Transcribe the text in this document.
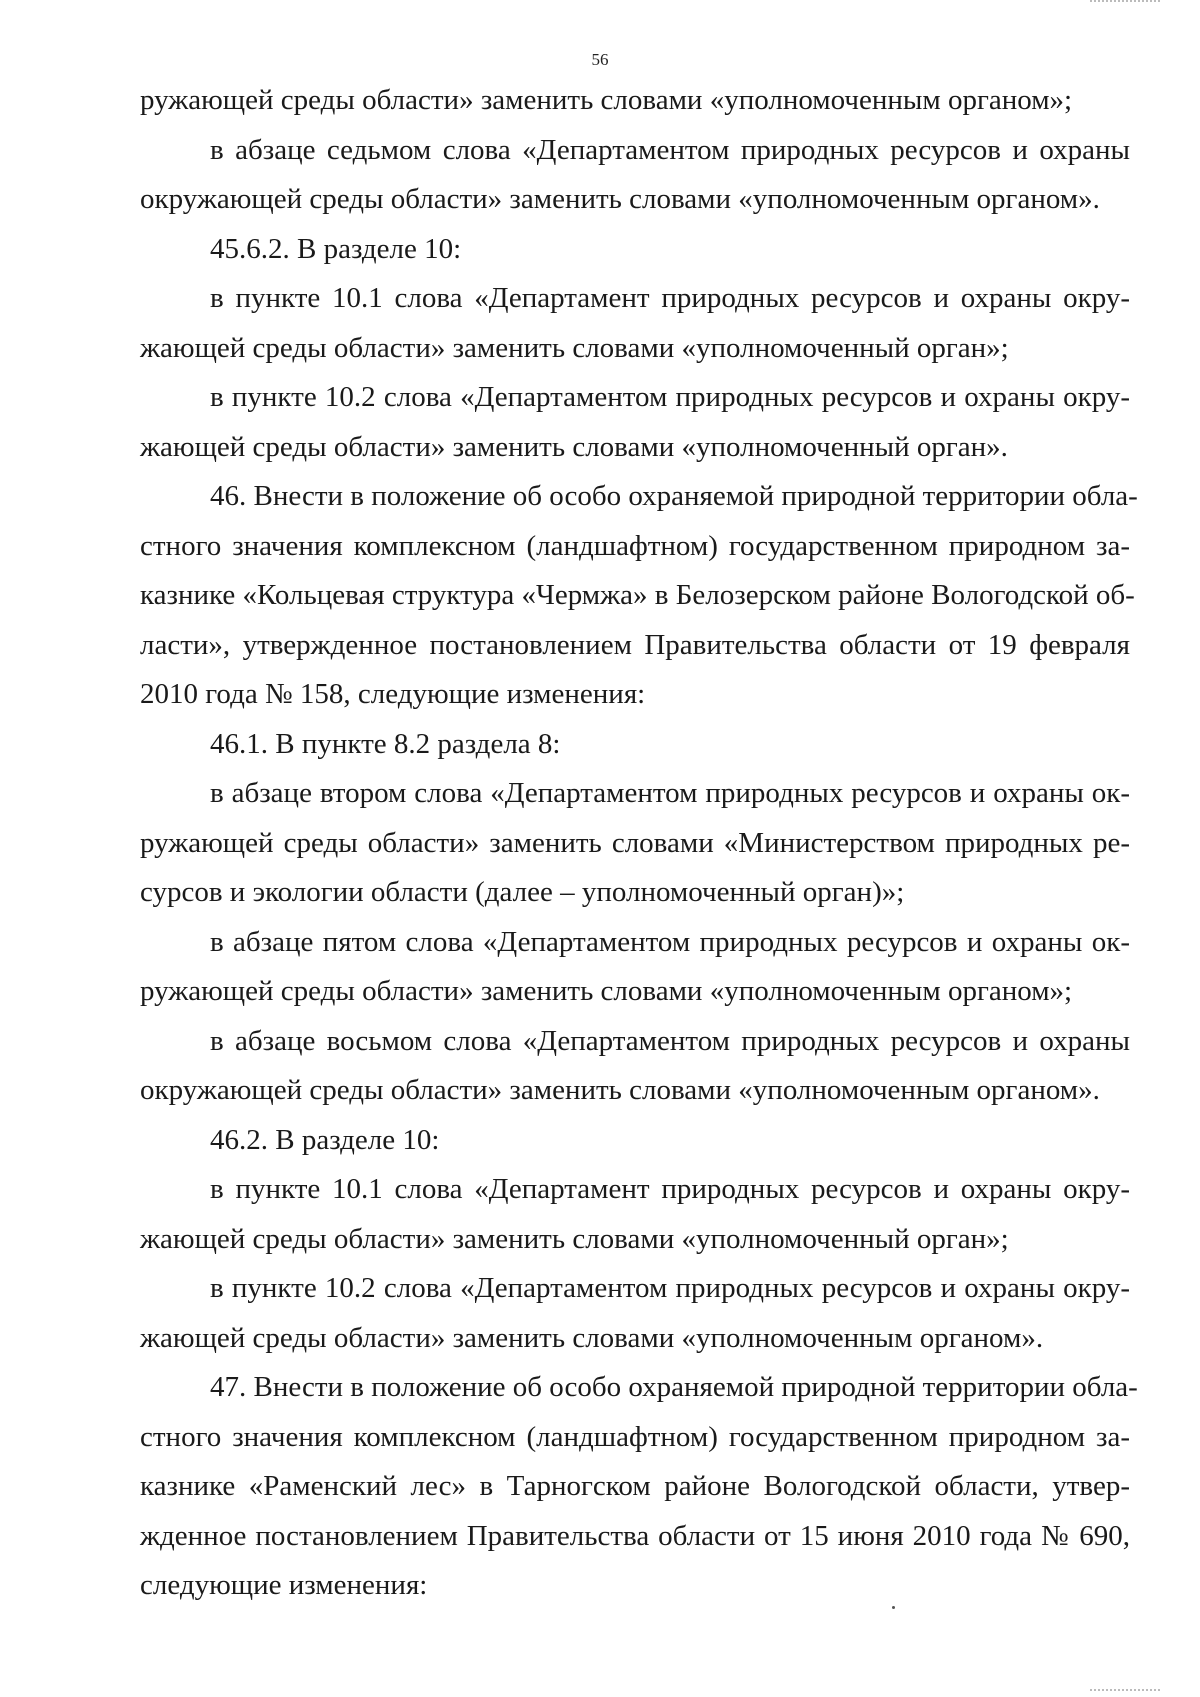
56
ружающей среды области» заменить словами «уполномоченным органом»;
в абзаце седьмом слова «Департаментом природных ресурсов и охраны
окружающей среды области» заменить словами «уполномоченным органом».
45.6.2. В разделе 10:
в пункте 10.1 слова «Департамент природных ресурсов и охраны окру-
жающей среды области» заменить словами «уполномоченный орган»;
в пункте 10.2 слова «Департаментом природных ресурсов и охраны окру-
жающей среды области» заменить словами «уполномоченный орган».
46. Внести в положение об особо охраняемой природной территории обла-
стного значения комплексном (ландшафтном) государственном природном за-
казнике «Кольцевая структура «Чермжа» в Белозерском районе Вологодской об-
ласти», утвержденное постановлением Правительства области от 19 февраля
2010 года № 158, следующие изменения:
46.1. В пункте 8.2 раздела 8:
в абзаце втором слова «Департаментом природных ресурсов и охраны ок-
ружающей среды области» заменить словами «Министерством природных ре-
сурсов и экологии области (далее – уполномоченный орган)»;
в абзаце пятом слова «Департаментом природных ресурсов и охраны ок-
ружающей среды области» заменить словами «уполномоченным органом»;
в абзаце восьмом слова «Департаментом природных ресурсов и охраны
окружающей среды области» заменить словами «уполномоченным органом».
46.2. В разделе 10:
в пункте 10.1 слова «Департамент природных ресурсов и охраны окру-
жающей среды области» заменить словами «уполномоченный орган»;
в пункте 10.2 слова «Департаментом природных ресурсов и охраны окру-
жающей среды области» заменить словами «уполномоченным органом».
47. Внести в положение об особо охраняемой природной территории обла-
стного значения комплексном (ландшафтном) государственном природном за-
казнике «Раменский лес» в Тарногском районе Вологодской области, утвер-
жденное постановлением Правительства области от 15 июня 2010 года № 690,
следующие изменения:
